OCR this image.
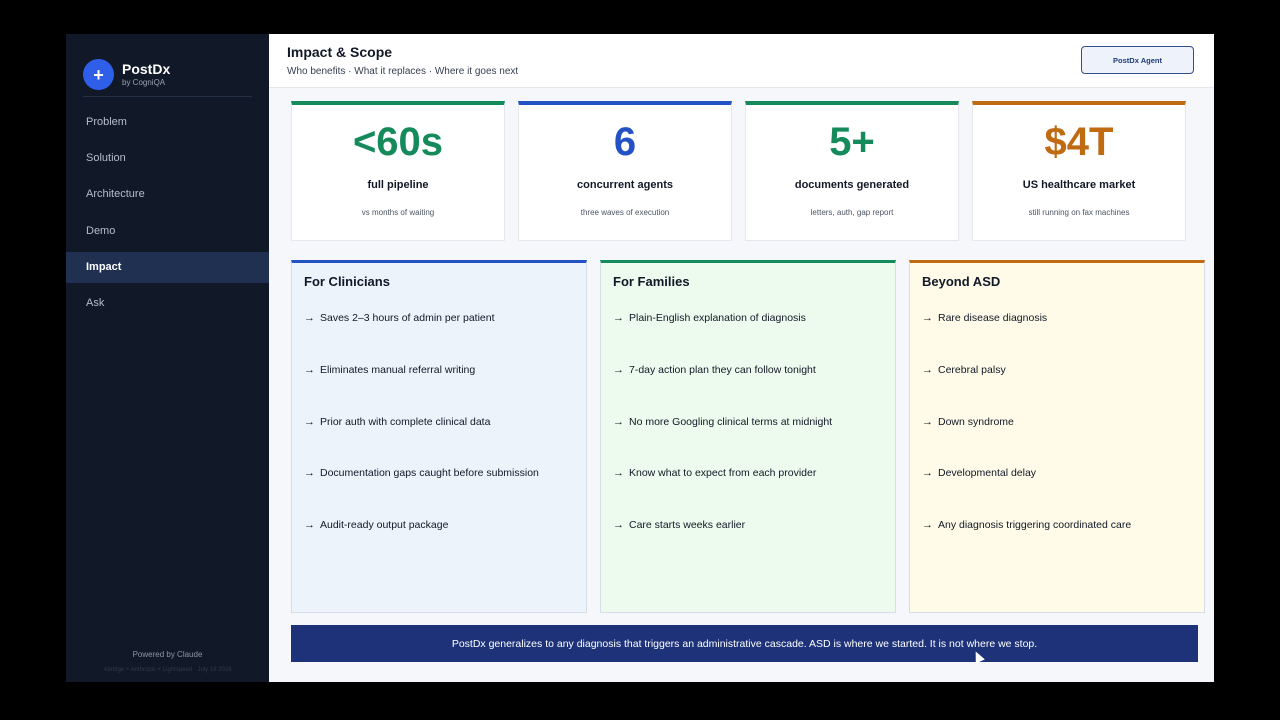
+	PostDx
by CogniQA
Problem
Solution
Architecture
Demo
Impact
Ask
Powered by Claude
Abridge × Anthropic × Lightspeed · July 18 2026
Impact & Scope
Who benefits · What it replaces · Where it goes next
PostDx Agent
<60s
full pipeline
vs months of waiting
6
concurrent agents
three waves of execution
5+
documents generated
letters, auth, gap report
$4T
US healthcare market
still running on fax machines
For Clinicians
→ Saves 2–3 hours of admin per patient
→ Eliminates manual referral writing
→ Prior auth with complete clinical data
→ Documentation gaps caught before submission
→ Audit-ready output package
For Families
→ Plain-English explanation of diagnosis
→ 7-day action plan they can follow tonight
→ No more Googling clinical terms at midnight
→ Know what to expect from each provider
→ Care starts weeks earlier
Beyond ASD
→ Rare disease diagnosis
→ Cerebral palsy
→ Down syndrome
→ Developmental delay
→ Any diagnosis triggering coordinated care
PostDx generalizes to any diagnosis that triggers an administrative cascade. ASD is where we started. It is not where we stop.
